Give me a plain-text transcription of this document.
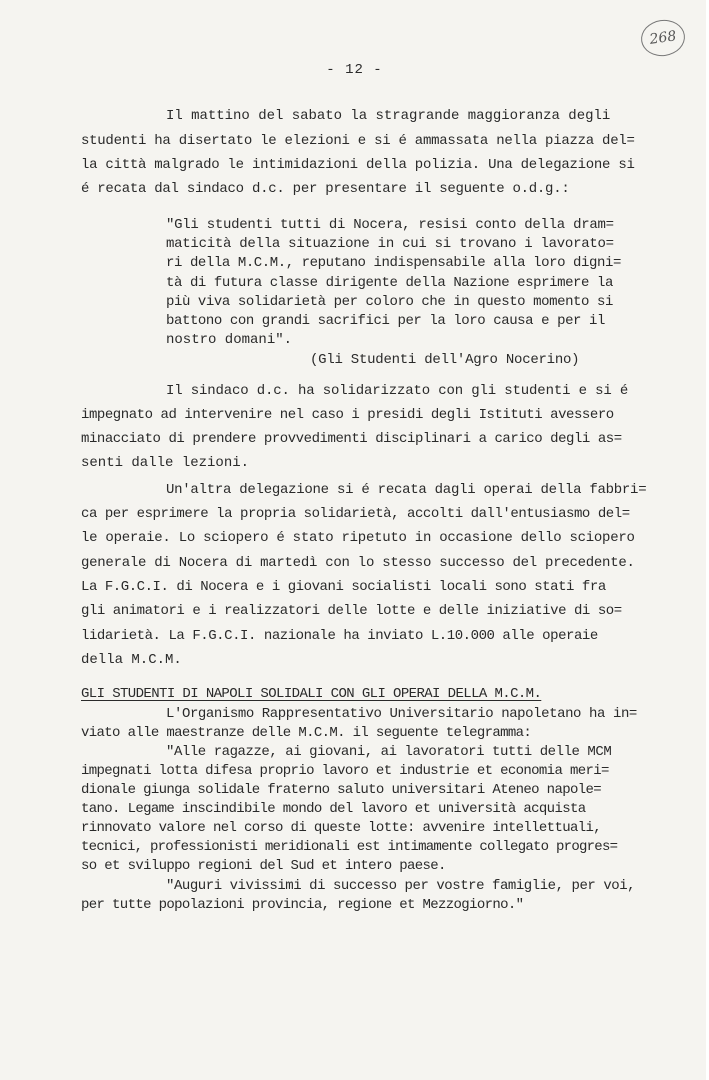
268
- 12 -
Il mattino del sabato la stragrande maggioranza degli
studenti ha disertato le elezioni e si é ammassata nella piazza del=
la città malgrado le intimidazioni della polizia. Una delegazione si
é recata dal sindaco d.c. per presentare il seguente o.d.g.:
"Gli studenti tutti di Nocera, resisi conto della dram=
maticità della situazione in cui si trovano i lavorato=
ri della M.C.M., reputano indispensabile alla loro digni=
tà di futura classe dirigente della Nazione esprimere la
più viva solidarietà per coloro che in questo momento si
battono con grandi sacrifici per la loro causa e per il
nostro domani".
(Gli Studenti dell'Agro Nocerino)
Il sindaco d.c. ha solidarizzato con gli studenti e si é
impegnato ad intervenire nel caso i presidi degli Istituti avessero
minacciato di prendere provvedimenti disciplinari a carico degli as=
senti dalle lezioni.
Un'altra delegazione si é recata dagli operai della fabbri=
ca per esprimere la propria solidarietà, accolti dall'entusiasmo del=
le operaie. Lo sciopero é stato ripetuto in occasione dello sciopero
generale di Nocera di martedì con lo stesso successo del precedente.
La F.G.C.I. di Nocera e i giovani socialisti locali sono stati fra
gli animatori e i realizzatori delle lotte e delle iniziative di so=
lidarietà. La F.G.C.I. nazionale ha inviato L.10.000 alle operaie
della M.C.M.
GLI STUDENTI DI NAPOLI SOLIDALI CON GLI OPERAI DELLA M.C.M.
L'Organismo Rappresentativo Universitario napoletano ha in=
viato alle maestranze delle M.C.M. il seguente telegramma:
"Alle ragazze, ai giovani, ai lavoratori tutti delle MCM
impegnati lotta difesa proprio lavoro et industrie et economia meri=
dionale giunga solidale fraterno saluto universitari Ateneo napole=
tano. Legame inscindibile mondo del lavoro et università acquista
rinnovato valore nel corso di queste lotte: avvenire intellettuali,
tecnici, professionisti meridionali est intimamente collegato progres=
so et sviluppo regioni del Sud et intero paese.
"Auguri vivissimi di successo per vostre famiglie, per voi,
per tutte popolazioni provincia, regione et Mezzogiorno."
